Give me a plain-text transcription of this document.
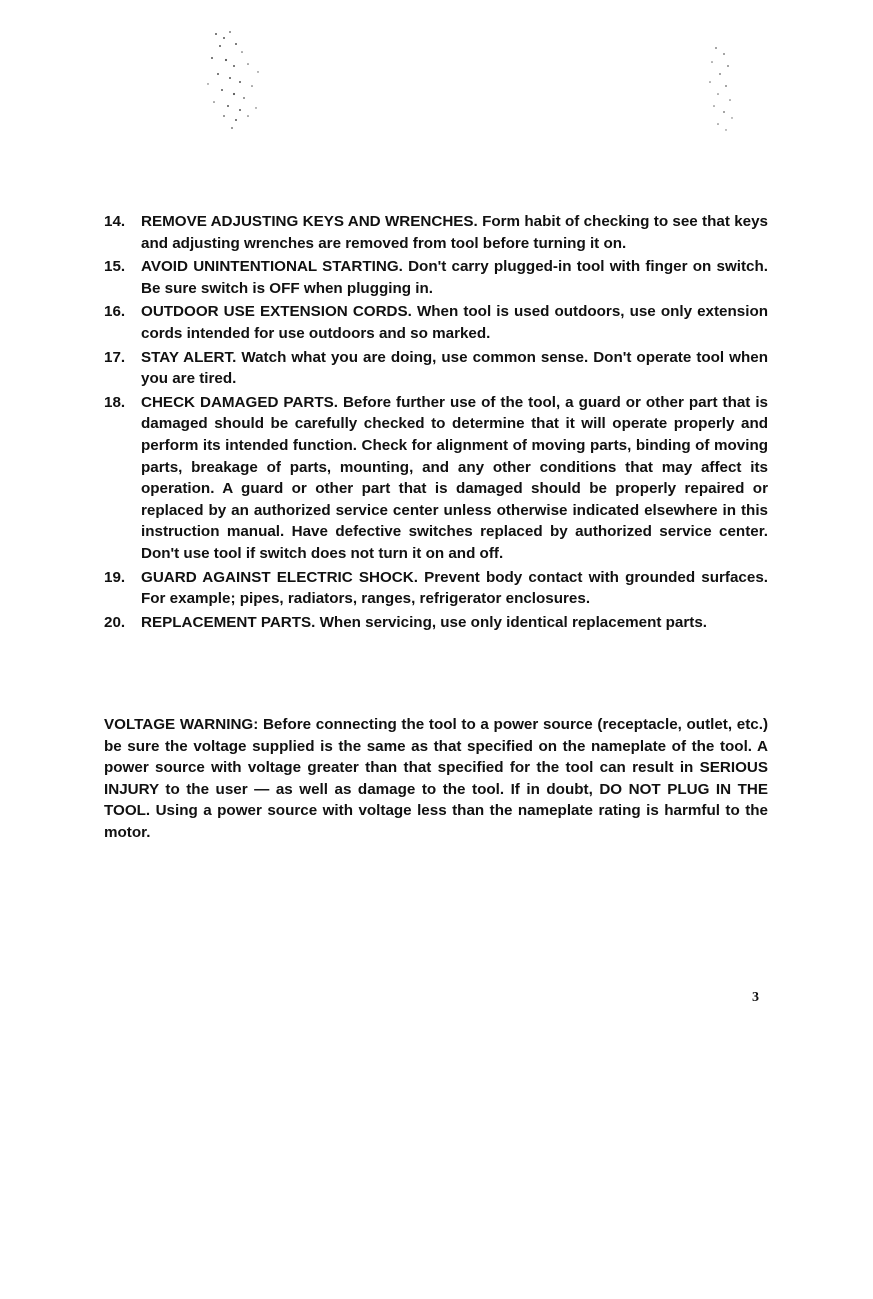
14. REMOVE ADJUSTING KEYS AND WRENCHES. Form habit of checking to see that keys and adjusting wrenches are removed from tool before turning it on.
15. AVOID UNINTENTIONAL STARTING. Don't carry plugged-in tool with finger on switch. Be sure switch is OFF when plugging in.
16. OUTDOOR USE EXTENSION CORDS. When tool is used outdoors, use only extension cords intended for use outdoors and so marked.
17. STAY ALERT. Watch what you are doing, use common sense. Don't operate tool when you are tired.
18. CHECK DAMAGED PARTS. Before further use of the tool, a guard or other part that is damaged should be carefully checked to determine that it will operate properly and perform its intended function. Check for alignment of moving parts, binding of moving parts, breakage of parts, mounting, and any other conditions that may affect its operation. A guard or other part that is damaged should be properly repaired or replaced by an authorized service center unless otherwise indicated elsewhere in this instruction manual. Have defective switches replaced by authorized service center. Don't use tool if switch does not turn it on and off.
19. GUARD AGAINST ELECTRIC SHOCK. Prevent body contact with grounded surfaces. For example; pipes, radiators, ranges, refrigerator enclosures.
20. REPLACEMENT PARTS. When servicing, use only identical replacement parts.

VOLTAGE WARNING: Before connecting the tool to a power source (receptacle, outlet, etc.) be sure the voltage supplied is the same as that specified on the nameplate of the tool. A power source with voltage greater than that specified for the tool can result in SERIOUS INJURY to the user — as well as damage to the tool. If in doubt, DO NOT PLUG IN THE TOOL. Using a power source with voltage less than the nameplate rating is harmful to the motor.

3
